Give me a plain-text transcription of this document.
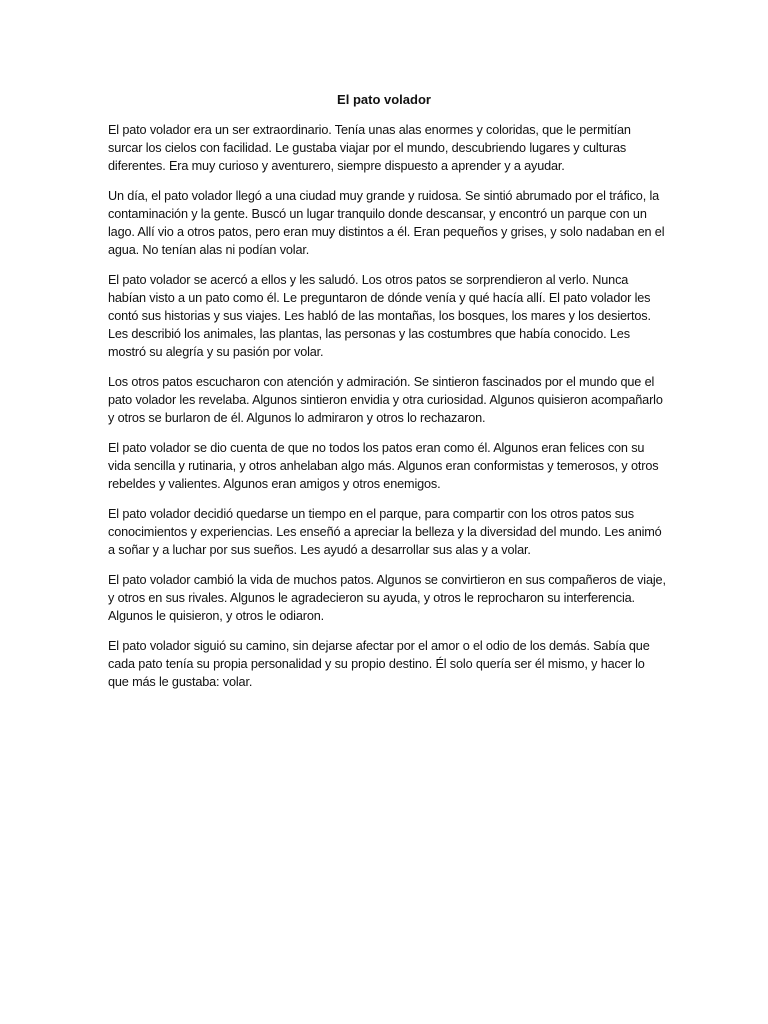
El pato volador

El pato volador era un ser extraordinario. Tenía unas alas enormes y coloridas, que le permitían surcar los cielos con facilidad. Le gustaba viajar por el mundo, descubriendo lugares y culturas diferentes. Era muy curioso y aventurero, siempre dispuesto a aprender y a ayudar.

Un día, el pato volador llegó a una ciudad muy grande y ruidosa. Se sintió abrumado por el tráfico, la contaminación y la gente. Buscó un lugar tranquilo donde descansar, y encontró un parque con un lago. Allí vio a otros patos, pero eran muy distintos a él. Eran pequeños y grises, y solo nadaban en el agua. No tenían alas ni podían volar.

El pato volador se acercó a ellos y les saludó. Los otros patos se sorprendieron al verlo. Nunca habían visto a un pato como él. Le preguntaron de dónde venía y qué hacía allí. El pato volador les contó sus historias y sus viajes. Les habló de las montañas, los bosques, los mares y los desiertos. Les describió los animales, las plantas, las personas y las costumbres que había conocido. Les mostró su alegría y su pasión por volar.

Los otros patos escucharon con atención y admiración. Se sintieron fascinados por el mundo que el pato volador les revelaba. Algunos sintieron envidia y otra curiosidad. Algunos quisieron acompañarlo y otros se burlaron de él. Algunos lo admiraron y otros lo rechazaron.

El pato volador se dio cuenta de que no todos los patos eran como él. Algunos eran felices con su vida sencilla y rutinaria, y otros anhelaban algo más. Algunos eran conformistas y temerosos, y otros rebeldes y valientes. Algunos eran amigos y otros enemigos.

El pato volador decidió quedarse un tiempo en el parque, para compartir con los otros patos sus conocimientos y experiencias. Les enseñó a apreciar la belleza y la diversidad del mundo. Les animó a soñar y a luchar por sus sueños. Les ayudó a desarrollar sus alas y a volar.

El pato volador cambió la vida de muchos patos. Algunos se convirtieron en sus compañeros de viaje, y otros en sus rivales. Algunos le agradecieron su ayuda, y otros le reprocharon su interferencia. Algunos le quisieron, y otros le odiaron.

El pato volador siguió su camino, sin dejarse afectar por el amor o el odio de los demás. Sabía que cada pato tenía su propia personalidad y su propio destino. Él solo quería ser él mismo, y hacer lo que más le gustaba: volar.
